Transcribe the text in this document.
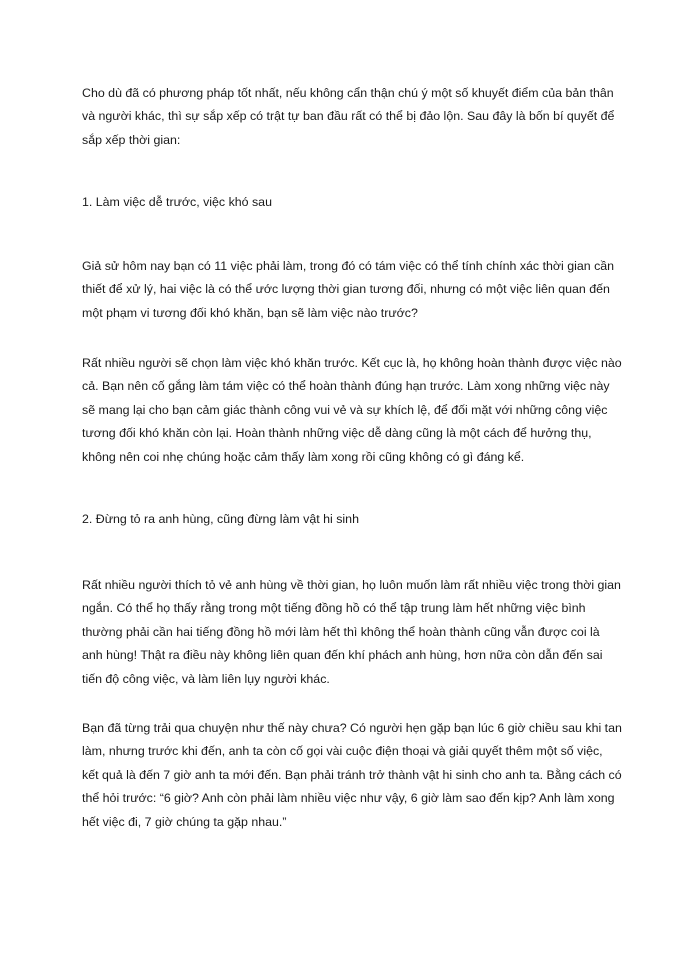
Cho dù đã có phương pháp tốt nhất, nếu không cẩn thận chú ý một số khuyết điểm của bản thân và người khác, thì sự sắp xếp có trật tự ban đầu rất có thể bị đảo lộn. Sau đây là bốn bí quyết để sắp xếp thời gian:

1. Làm việc dễ trước, việc khó sau

Giả sử hôm nay bạn có 11 việc phải làm, trong đó có tám việc có thể tính chính xác thời gian cần thiết để xử lý, hai việc là có thể ước lượng thời gian tương đối, nhưng có một việc liên quan đến một phạm vi tương đối khó khăn, bạn sẽ làm việc nào trước?

Rất nhiều người sẽ chọn làm việc khó khăn trước. Kết cục là, họ không hoàn thành được việc nào cả. Bạn nên cố gắng làm tám việc có thể hoàn thành đúng hạn trước. Làm xong những việc này sẽ mang lại cho bạn cảm giác thành công vui vẻ và sự khích lệ, để đối mặt với những công việc tương đối khó khăn còn lại. Hoàn thành những việc dễ dàng cũng là một cách để hưởng thụ, không nên coi nhẹ chúng hoặc cảm thấy làm xong rồi cũng không có gì đáng kể.

2. Đừng tỏ ra anh hùng, cũng đừng làm vật hi sinh

Rất nhiều người thích tỏ vẻ anh hùng về thời gian, họ luôn muốn làm rất nhiều việc trong thời gian ngắn. Có thể họ thấy rằng trong một tiếng đồng hồ có thể tập trung làm hết những việc bình thường phải cần hai tiếng đồng hồ mới làm hết thì không thể hoàn thành cũng vẫn được coi là anh hùng! Thật ra điều này không liên quan đến khí phách anh hùng, hơn nữa còn dẫn đến sai tiến độ công việc, và làm liên lụy người khác.

Bạn đã từng trải qua chuyện như thế này chưa? Có người hẹn gặp bạn lúc 6 giờ chiều sau khi tan làm, nhưng trước khi đến, anh ta còn cố gọi vài cuộc điện thoại và giải quyết thêm một số việc, kết quả là đến 7 giờ anh ta mới đến. Bạn phải tránh trở thành vật hi sinh cho anh ta. Bằng cách có thể hỏi trước: “6 giờ? Anh còn phải làm nhiều việc như vậy, 6 giờ làm sao đến kịp? Anh làm xong hết việc đi, 7 giờ chúng ta gặp nhau.”
